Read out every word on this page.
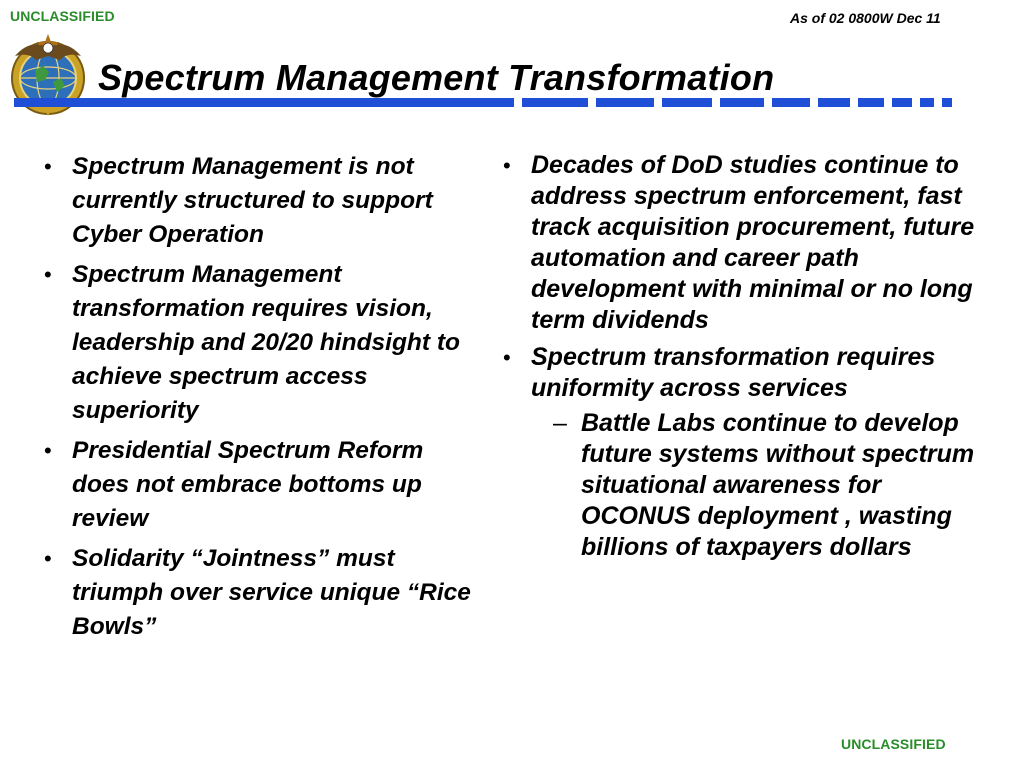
UNCLASSIFIED	As of 02 0800W Dec 11
Spectrum Management Transformation
• Spectrum Management is not currently structured to support Cyber Operation
• Spectrum Management transformation requires vision, leadership and 20/20 hindsight to achieve spectrum access superiority
• Presidential Spectrum Reform does not embrace bottoms up review
• Solidarity “Jointness” must triumph over service unique “Rice Bowls”
• Decades of DoD studies continue to address spectrum enforcement, fast track acquisition procurement, future automation and career path development with minimal or no long term dividends
• Spectrum transformation requires uniformity across services
– Battle Labs continue to develop future systems without spectrum situational awareness for OCONUS deployment , wasting billions of taxpayers dollars
UNCLASSIFIED
